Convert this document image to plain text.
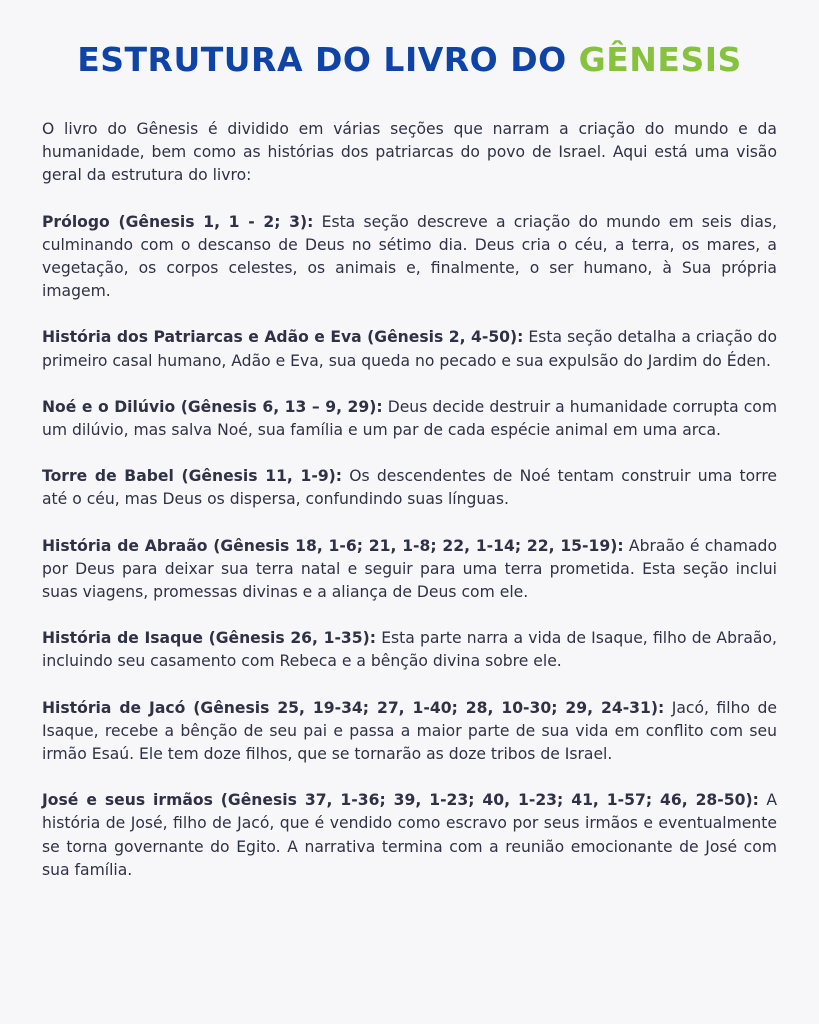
ESTRUTURA DO LIVRO DO GÊNESIS

O livro do Gênesis é dividido em várias seções que narram a criação do mundo e da humanidade, bem como as histórias dos patriarcas do povo de Israel. Aqui está uma visão geral da estrutura do livro:

Prólogo (Gênesis 1, 1 - 2; 3): Esta seção descreve a criação do mundo em seis dias, culminando com o descanso de Deus no sétimo dia. Deus cria o céu, a terra, os mares, a vegetação, os corpos celestes, os animais e, finalmente, o ser humano, à Sua própria imagem.

História dos Patriarcas e Adão e Eva (Gênesis 2, 4-50): Esta seção detalha a criação do primeiro casal humano, Adão e Eva, sua queda no pecado e sua expulsão do Jardim do Éden.

Noé e o Dilúvio (Gênesis 6, 13 – 9, 29): Deus decide destruir a humanidade corrupta com um dilúvio, mas salva Noé, sua família e um par de cada espécie animal em uma arca.

Torre de Babel (Gênesis 11, 1-9): Os descendentes de Noé tentam construir uma torre até o céu, mas Deus os dispersa, confundindo suas línguas.

História de Abraão (Gênesis 18, 1-6; 21, 1-8; 22, 1-14; 22, 15-19): Abraão é chamado por Deus para deixar sua terra natal e seguir para uma terra prometida. Esta seção inclui suas viagens, promessas divinas e a aliança de Deus com ele.

História de Isaque (Gênesis 26, 1-35): Esta parte narra a vida de Isaque, filho de Abraão, incluindo seu casamento com Rebeca e a bênção divina sobre ele.

História de Jacó (Gênesis 25, 19-34; 27, 1-40; 28, 10-30; 29, 24-31): Jacó, filho de Isaque, recebe a bênção de seu pai e passa a maior parte de sua vida em conflito com seu irmão Esaú. Ele tem doze filhos, que se tornarão as doze tribos de Israel.

José e seus irmãos (Gênesis 37, 1-36; 39, 1-23; 40, 1-23; 41, 1-57; 46, 28-50): A história de José, filho de Jacó, que é vendido como escravo por seus irmãos e eventualmente se torna governante do Egito. A narrativa termina com a reunião emocionante de José com sua família.
